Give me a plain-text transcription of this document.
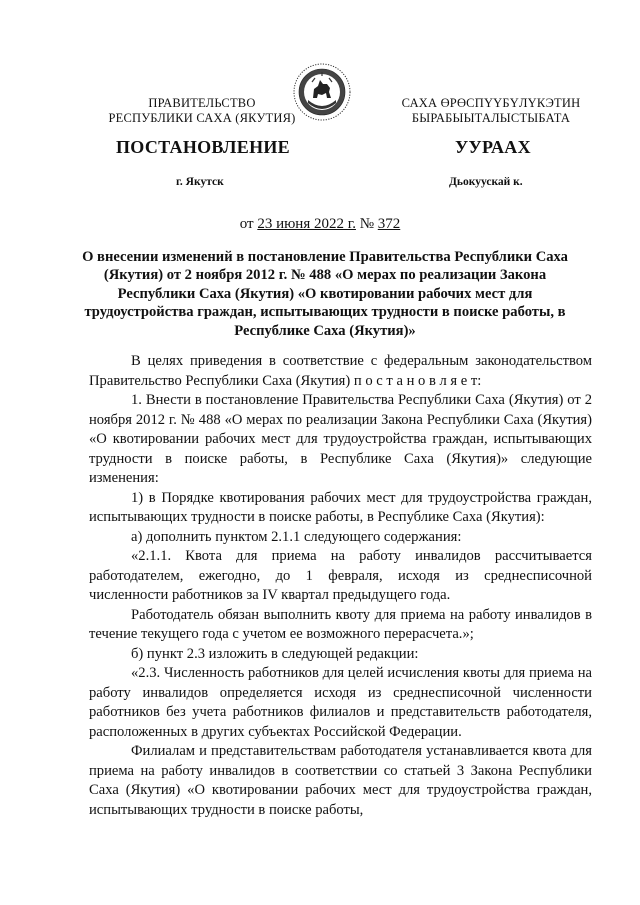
ПРАВИТЕЛЬСТВО
РЕСПУБЛИКИ САХА (ЯКУТИЯ)
САХА ӨРӨСПҮҮБҮЛҮКЭТИН
БЫРАБЫЫТАЛЫСТЫБАТА
ПОСТАНОВЛЕНИЕ	УУРААХ
г. Якутск	Дьокуускай к.
от 23 июня 2022 г. № 372
О внесении изменений в постановление Правительства Республики Саха (Якутия) от 2 ноября 2012 г. № 488 «О мерах по реализации Закона Республики Саха (Якутия) «О квотировании рабочих мест для трудоустройства граждан, испытывающих трудности в поиске работы, в Республике Саха (Якутия)»

В целях приведения в соответствие с федеральным законодательством Правительство Республики Саха (Якутия) п о с т а н о в л я е т:

1. Внести в постановление Правительства Республики Саха (Якутия) от 2 ноября 2012 г. № 488 «О мерах по реализации Закона Республики Саха (Якутия) «О квотировании рабочих мест для трудоустройства граждан, испытывающих трудности в поиске работы, в Республике Саха (Якутия)» следующие изменения:

1) в Порядке квотирования рабочих мест для трудоустройства граждан, испытывающих трудности в поиске работы, в Республике Саха (Якутия):

а) дополнить пунктом 2.1.1 следующего содержания:

«2.1.1. Квота для приема на работу инвалидов рассчитывается работодателем, ежегодно, до 1 февраля, исходя из среднесписочной численности работников за IV квартал предыдущего года.

Работодатель обязан выполнить квоту для приема на работу инвалидов в течение текущего года с учетом ее возможного перерасчета.»;

б) пункт 2.3 изложить в следующей редакции:

«2.3. Численность работников для целей исчисления квоты для приема на работу инвалидов определяется исходя из среднесписочной численности работников без учета работников филиалов и представительств работодателя, расположенных в других субъектах Российской Федерации.

Филиалам и представительствам работодателя устанавливается квота для приема на работу инвалидов в соответствии со статьей 3 Закона Республики Саха (Якутия) «О квотировании рабочих мест для трудоустройства граждан, испытывающих трудности в поиске работы,
